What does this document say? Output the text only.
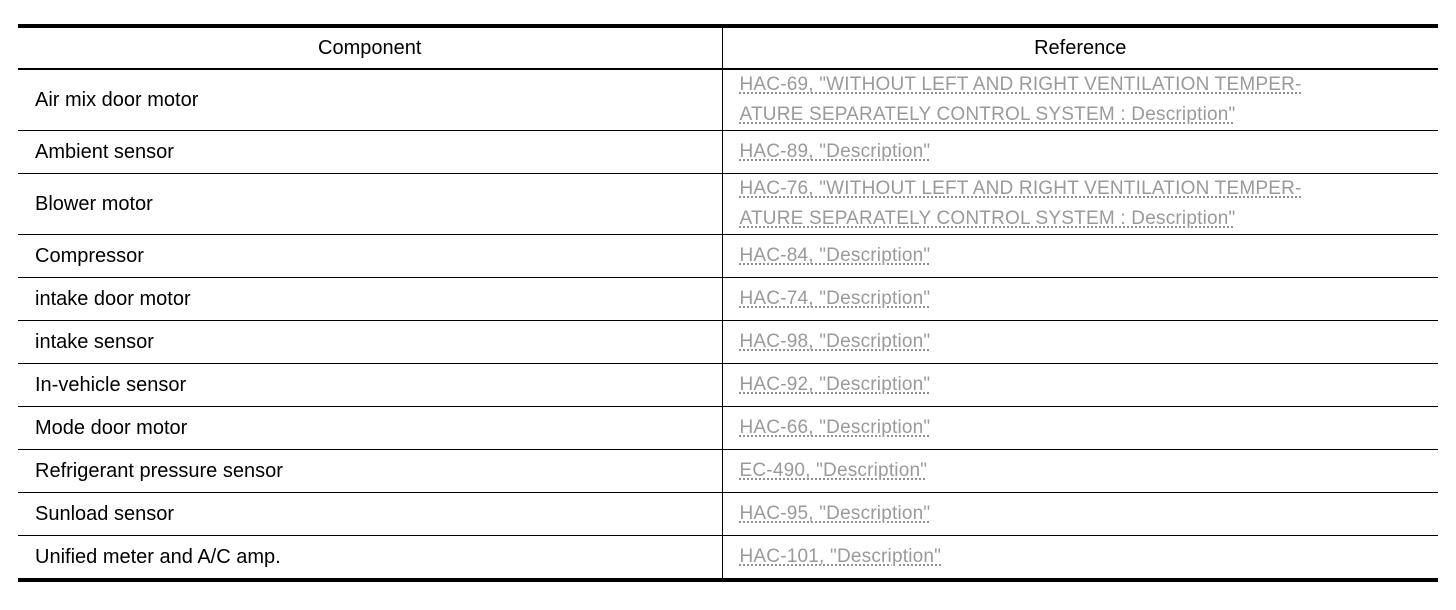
Component	Reference
Air mix door motor	HAC-69, "WITHOUT LEFT AND RIGHT VENTILATION TEMPER-
ATURE SEPARATELY CONTROL SYSTEM : Description"

Ambient sensor	HAC-89, "Description"

Blower motor	HAC-76, "WITHOUT LEFT AND RIGHT VENTILATION TEMPER-
ATURE SEPARATELY CONTROL SYSTEM : Description"

Compressor	HAC-84, "Description"

intake door motor	HAC-74, "Description"

intake sensor	HAC-98, "Description"

In-vehicle sensor	HAC-92, "Description"

Mode door motor	HAC-66, "Description"

Refrigerant pressure sensor	EC-490, "Description"

Sunload sensor	HAC-95, "Description"

Unified meter and A/C amp.	HAC-101, "Description"
